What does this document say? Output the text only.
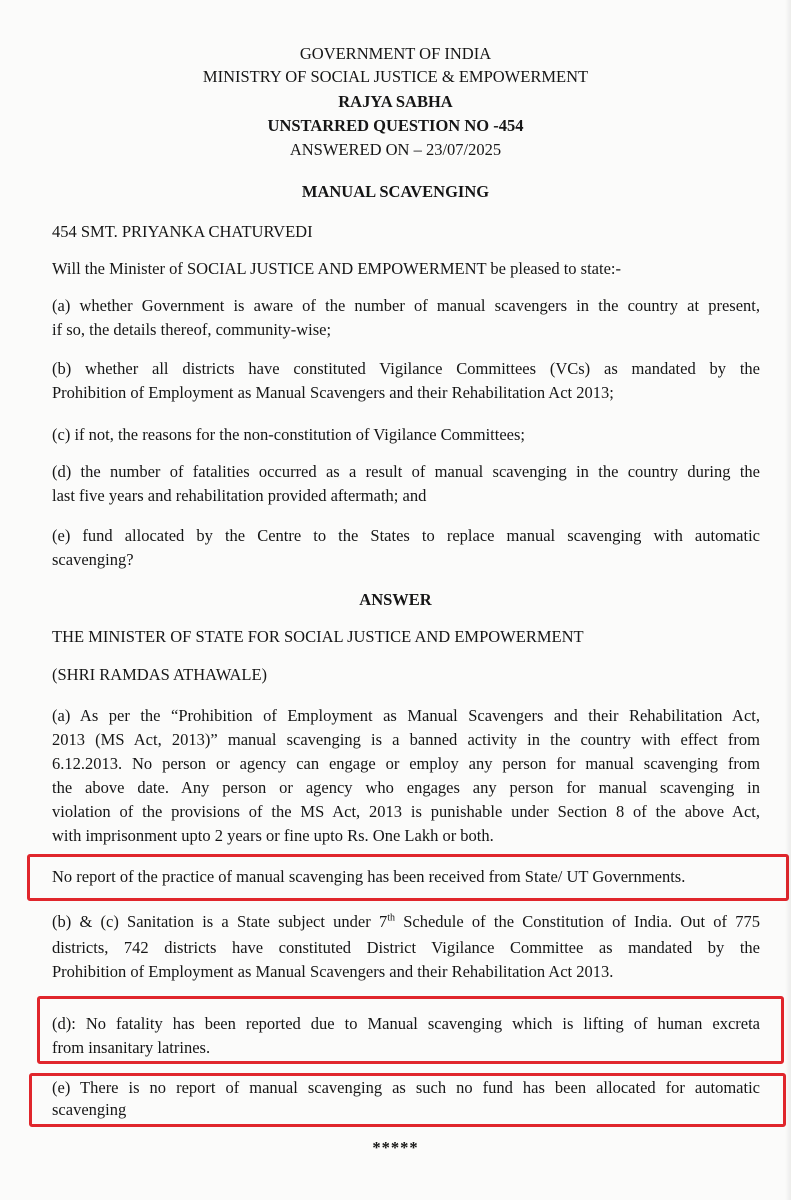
GOVERNMENT OF INDIA

MINISTRY OF SOCIAL JUSTICE & EMPOWERMENT

RAJYA SABHA

UNSTARRED QUESTION NO -454

ANSWERED ON – 23/07/2025

MANUAL SCAVENGING

454 SMT. PRIYANKA CHATURVEDI

Will the Minister of SOCIAL JUSTICE AND EMPOWERMENT be pleased to state:-

(a) whether Government is aware of the number of manual scavengers in the country at present,

if so, the details thereof, community-wise;

(b) whether all districts have constituted Vigilance Committees (VCs) as mandated by the

Prohibition of Employment as Manual Scavengers and their Rehabilitation Act 2013;

(c) if not, the reasons for the non-constitution of Vigilance Committees;

(d) the number of fatalities occurred as a result of manual scavenging in the country during the

last five years and rehabilitation provided aftermath; and

(e) fund allocated by the Centre to the States to replace manual scavenging with automatic

scavenging?

ANSWER

THE MINISTER OF STATE FOR SOCIAL JUSTICE AND EMPOWERMENT

(SHRI RAMDAS ATHAWALE)

(a) As per the “Prohibition of Employment as Manual Scavengers and their Rehabilitation Act,

2013 (MS Act, 2013)” manual scavenging is a banned activity in the country with effect from

6.12.2013. No person or agency can engage or employ any person for manual scavenging from

the above date. Any person or agency who engages any person for manual scavenging in

violation of the provisions of the MS Act, 2013 is punishable under Section 8 of the above Act,

with imprisonment upto 2 years or fine upto Rs. One Lakh or both.

No report of the practice of manual scavenging has been received from State/ UT Governments.

(b) & (c) Sanitation is a State subject under 7th Schedule of the Constitution of India. Out of 775

districts, 742 districts have constituted District Vigilance Committee as mandated by the

Prohibition of Employment as Manual Scavengers and their Rehabilitation Act 2013.

(d): No fatality has been reported due to Manual scavenging which is lifting of human excreta

from insanitary latrines.

(e) There is no report of manual scavenging as such no fund has been allocated for automatic

scavenging

*****
